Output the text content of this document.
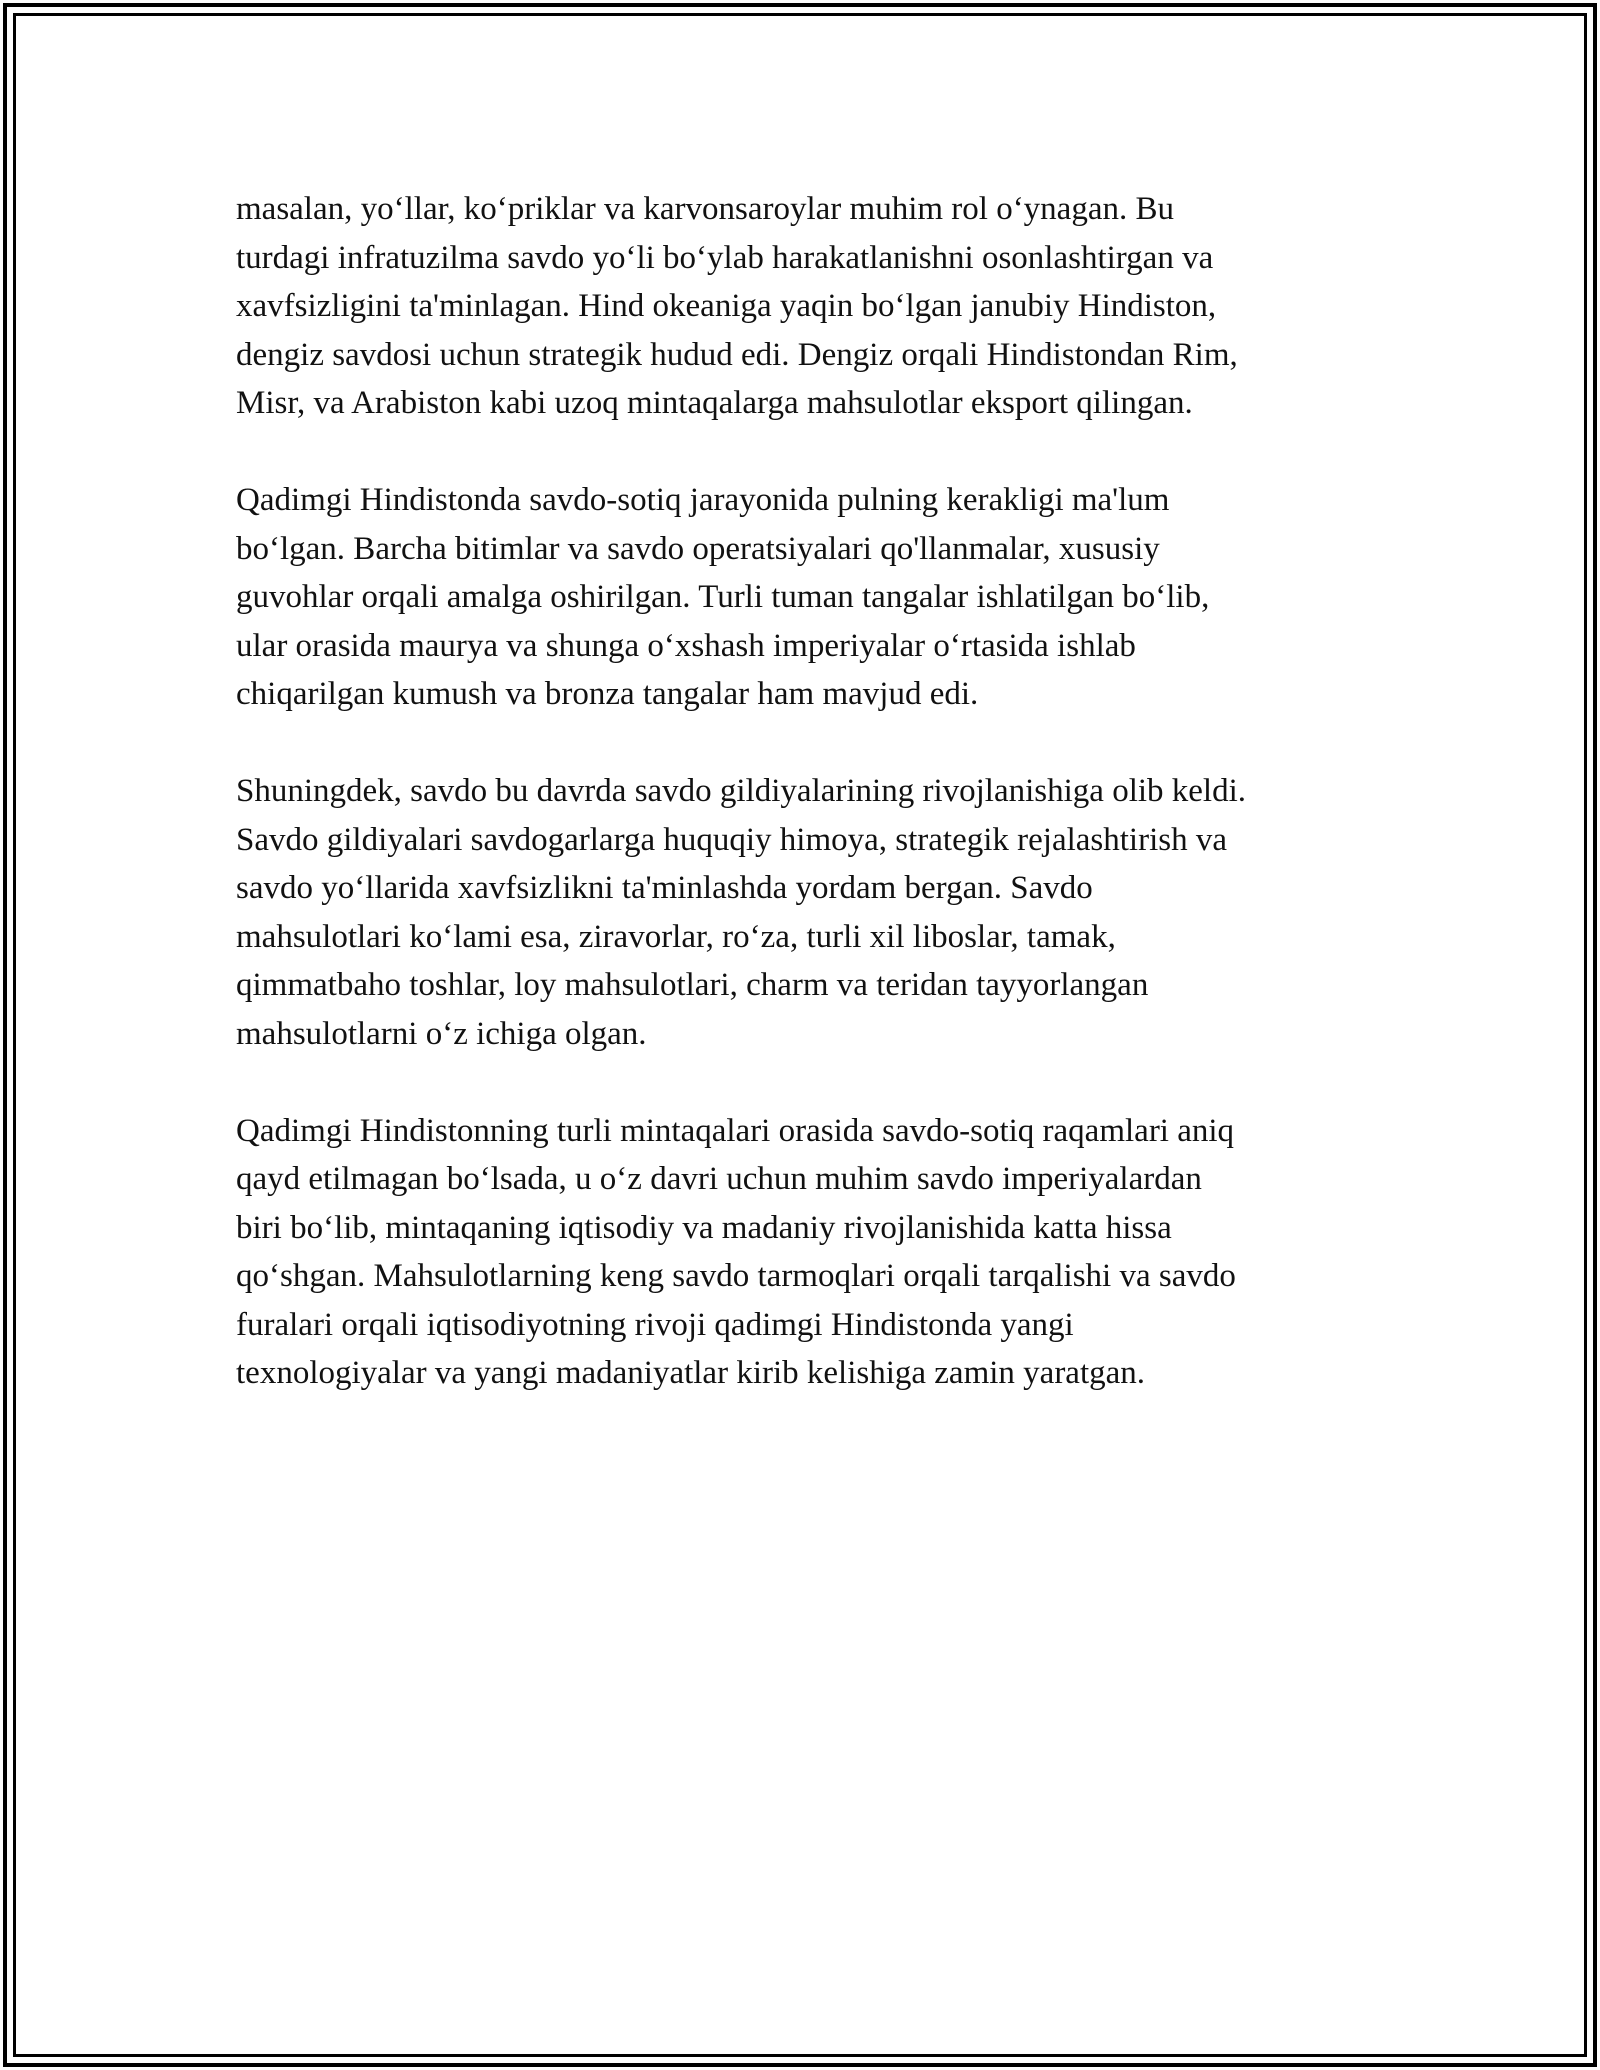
masalan, yo‘llar, ko‘priklar va karvonsaroylar muhim rol o‘ynagan. Bu
turdagi infratuzilma savdo yo‘li bo‘ylab harakatlanishni osonlashtirgan va
xavfsizligini ta'minlagan. Hind okeaniga yaqin bo‘lgan janubiy Hindiston,
dengiz savdosi uchun strategik hudud edi. Dengiz orqali Hindistondan Rim,
Misr, va Arabiston kabi uzoq mintaqalarga mahsulotlar eksport qilingan.

Qadimgi Hindistonda savdo-sotiq jarayonida pulning kerakligi ma'lum
bo‘lgan. Barcha bitimlar va savdo operatsiyalari qo'llanmalar, xususiy
guvohlar orqali amalga oshirilgan. Turli tuman tangalar ishlatilgan bo‘lib,
ular orasida maurya va shunga o‘xshash imperiyalar o‘rtasida ishlab
chiqarilgan kumush va bronza tangalar ham mavjud edi.

Shuningdek, savdo bu davrda savdo gildiyalarining rivojlanishiga olib keldi.
Savdo gildiyalari savdogarlarga huquqiy himoya, strategik rejalashtirish va
savdo yo‘llarida xavfsizlikni ta'minlashda yordam bergan. Savdo
mahsulotlari ko‘lami esa, ziravorlar, ro‘za, turli xil liboslar, tamak,
qimmatbaho toshlar, loy mahsulotlari, charm va teridan tayyorlangan
mahsulotlarni o‘z ichiga olgan.

Qadimgi Hindistonning turli mintaqalari orasida savdo-sotiq raqamlari aniq
qayd etilmagan bo‘lsada, u o‘z davri uchun muhim savdo imperiyalardan
biri bo‘lib, mintaqaning iqtisodiy va madaniy rivojlanishida katta hissa
qo‘shgan. Mahsulotlarning keng savdo tarmoqlari orqali tarqalishi va savdo
furalari orqali iqtisodiyotning rivoji qadimgi Hindistonda yangi
texnologiyalar va yangi madaniyatlar kirib kelishiga zamin yaratgan.
